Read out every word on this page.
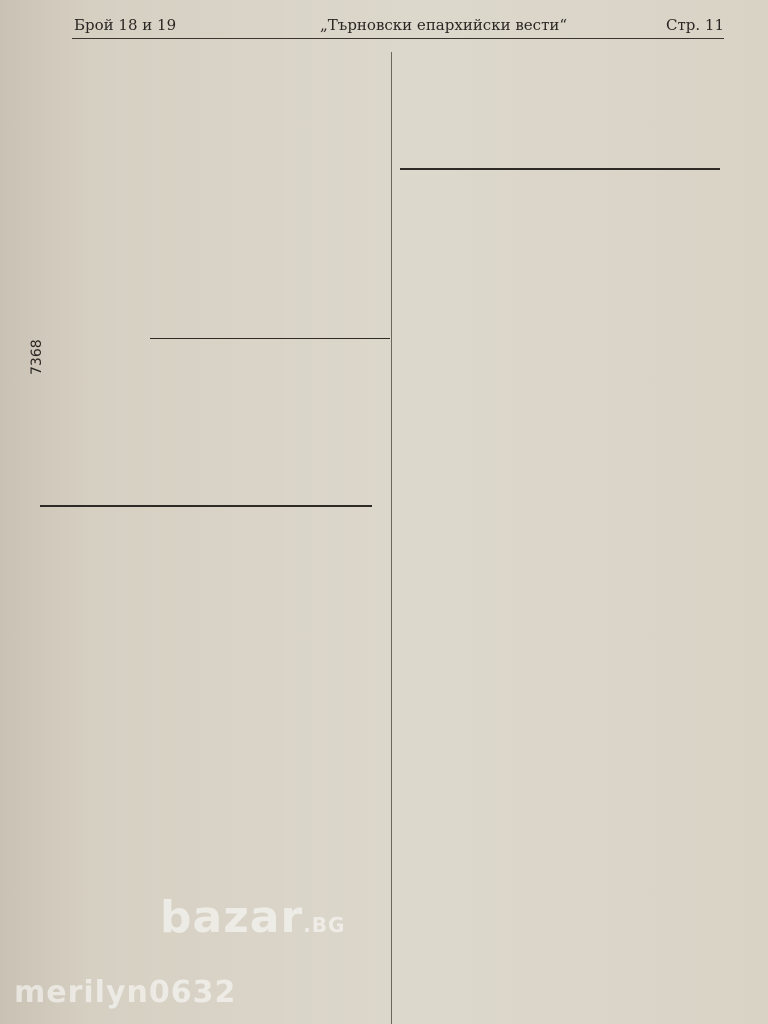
Брой 18 и 19	„Търновски епархийски вести“	Стр. 11
7368
bazar.BG
merilyn0632
